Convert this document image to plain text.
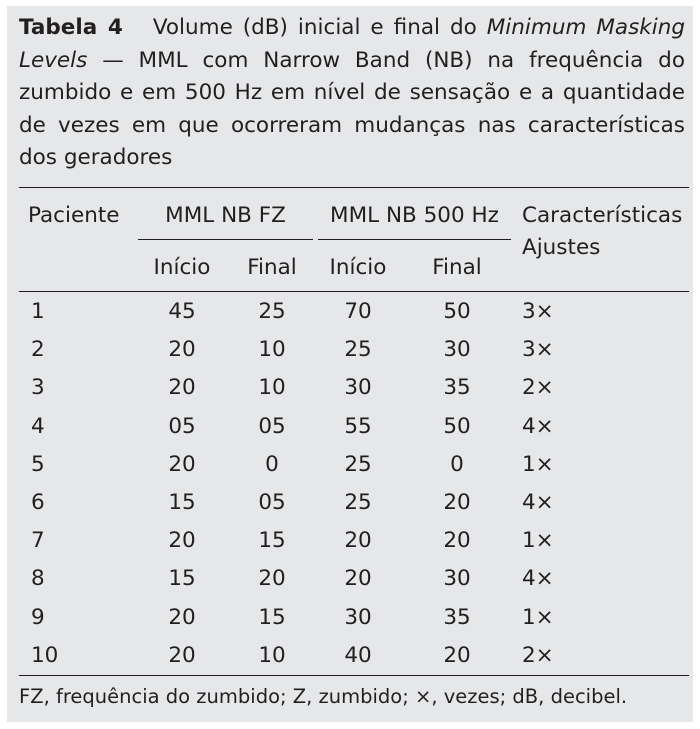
Tabela 4 Volume (dB) inicial e final do Minimum Masking Levels — MML com Narrow Band (NB) na frequência do zumbido e em 500 Hz em nível de sensação e a quantidade de vezes em que ocorreram mudanças nas características dos geradores
Paciente	MML NB FZ	MML NB 500 Hz	Características
Ajustes
Início	Final	Início	Final
1	45	25	70	50	3×
2	20	10	25	30	3×
3	20	10	30	35	2×
4	05	05	55	50	4×
5	20	0	25	0	1×
6	15	05	25	20	4×
7	20	15	20	20	1×
8	15	20	20	30	4×
9	20	15	30	35	1×
10	20	10	40	20	2×
FZ, frequência do zumbido; Z, zumbido; ×, vezes; dB, decibel.
